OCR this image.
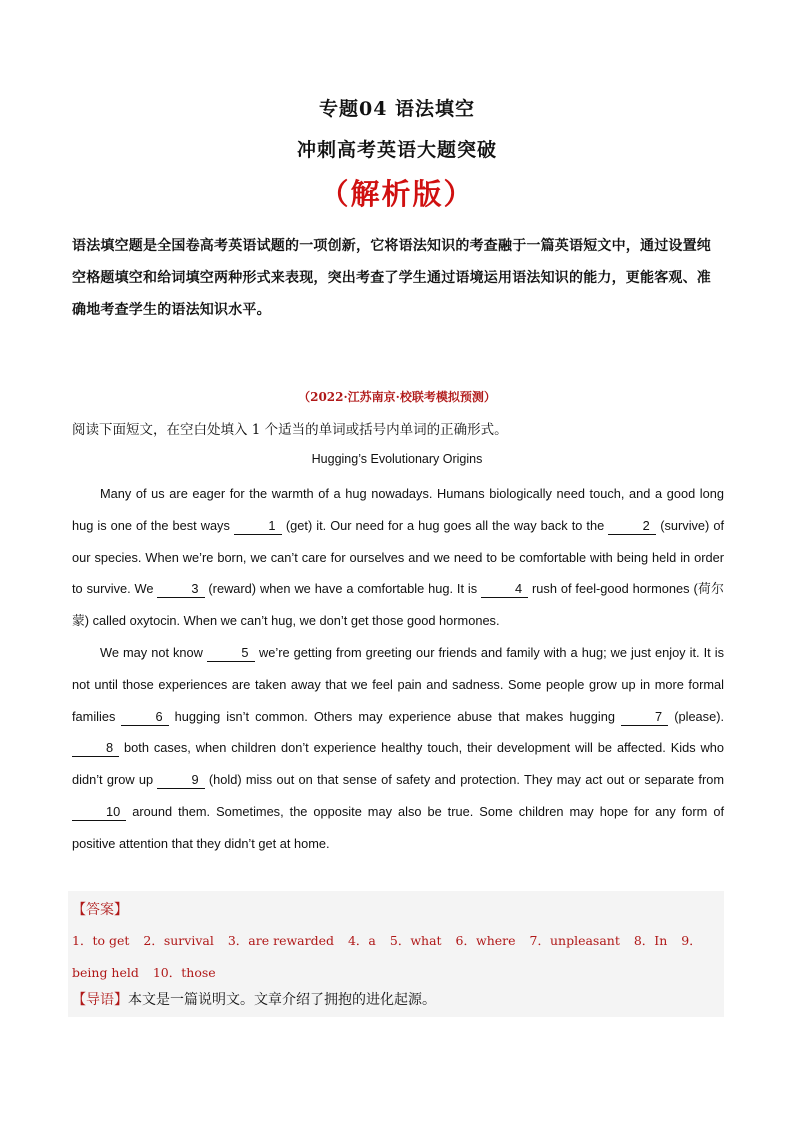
专题04 语法填空
冲刺高考英语大题突破
（解析版）
语法填空题是全国卷高考英语试题的一项创新，它将语法知识的考查融于一篇英语短文中，通过设置纯空格题填空和给词填空两种形式来表现，突出考查了学生通过语境运用语法知识的能力，更能客观、准确地考查学生的语法知识水平。
（2022·江苏南京·校联考模拟预测）
阅读下面短文，在空白处填入 1 个适当的单词或括号内单词的正确形式。
Hugging’s Evolutionary Origins

Many of us are eager for the warmth of a hug nowadays. Humans biologically need touch, and a good long hug is one of the best ways	1 (get) it. Our need for a hug goes all the way back to the	2 (survive) of our species. When we’re born, we can’t care for ourselves and we need to be comfortable with being held in order to survive. We	3 (reward) when we have a comfortable hug. It is	4 rush of feel-good hormones (荷尔蒙) called oxytocin. When we can’t hug, we don’t get those good hormones.

We may not know	5 we’re getting from greeting our friends and family with a hug; we just enjoy it. It is not until those experiences are taken away that we feel pain and sadness. Some people grow up in more formal families	6 hugging isn’t common. Others may experience abuse that makes hugging	7 (please). 8 both cases, when children don’t experience healthy touch, their development will be affected. Kids who didn’t grow up	9 (hold) miss out on that sense of safety and protection. They may act out or separate from 10 around them. Sometimes, the opposite may also be true. Some children may hope for any form of positive attention that they didn’t get at home.

【答案】
1．to get 2．survival 3．are rewarded 4．a 5．what 6．where 7．unpleasant 8．In 9．being held 10．those
【导语】本文是一篇说明文。文章介绍了拥抱的进化起源。
